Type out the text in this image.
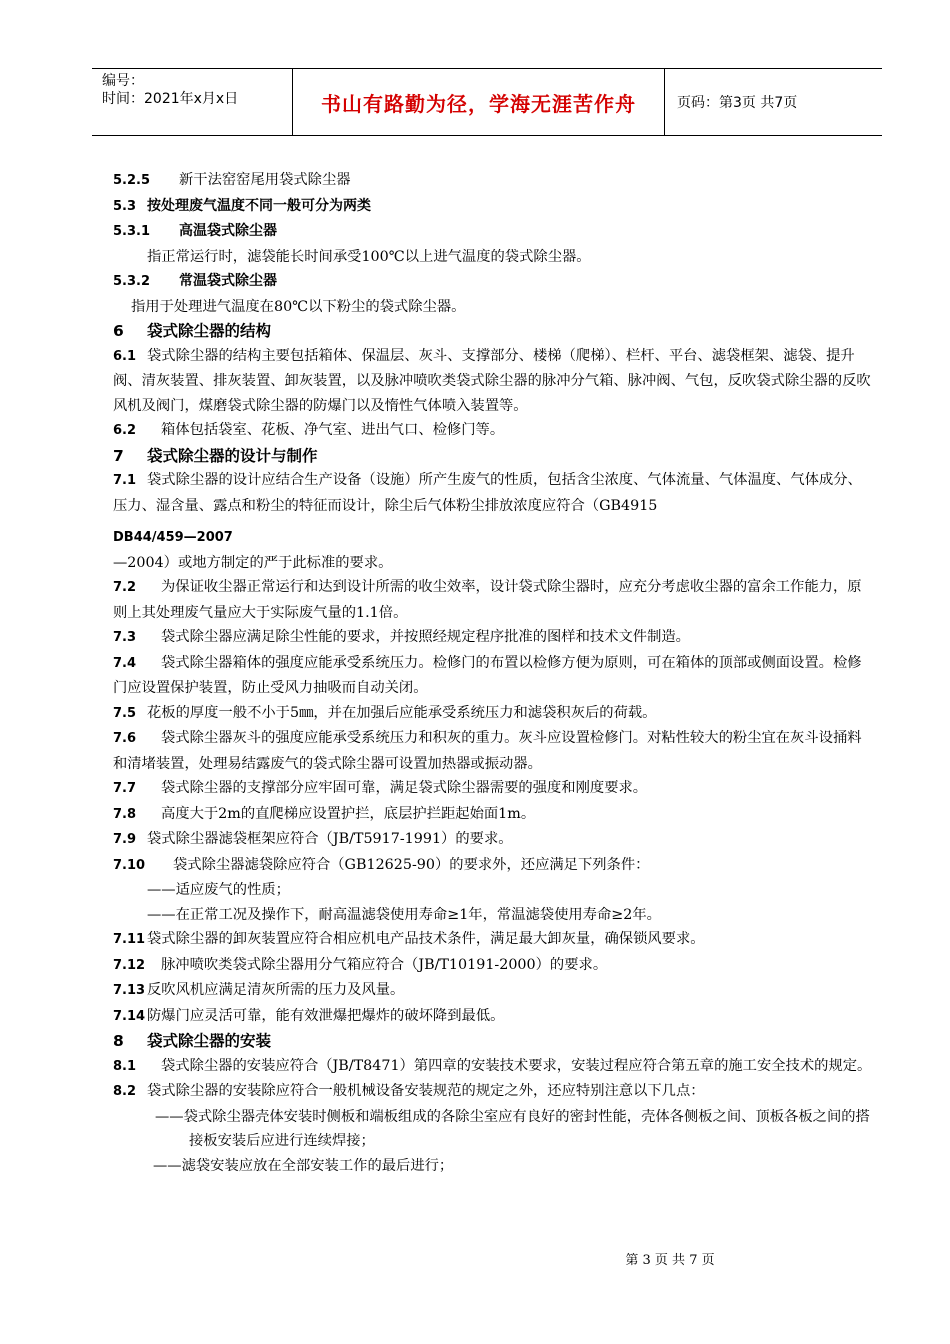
编号：
时间：2021年x月x日	书山有路勤为径，学海无涯苦作舟	页码：第3页 共7页

5.2.5 新干法窑窑尾用袋式除尘器

5.3 按处理废气温度不同一般可分为两类

5.3.1 高温袋式除尘器

指正常运行时，滤袋能长时间承受100℃以上进气温度的袋式除尘器。

5.3.2 常温袋式除尘器

指用于处理进气温度在80℃以下粉尘的袋式除尘器。

6 袋式除尘器的结构

6.1 袋式除尘器的结构主要包括箱体、保温层、灰斗、支撑部分、楼梯（爬梯）、栏杆、平台、滤袋框架、滤袋、提升阀、清灰装置、排灰装置、卸灰装置，以及脉冲喷吹类袋式除尘器的脉冲分气箱、脉冲阀、气包，反吹袋式除尘器的反吹风机及阀门，煤磨袋式除尘器的防爆门以及惰性气体喷入装置等。

6.2 箱体包括袋室、花板、净气室、进出气口、检修门等。

7 袋式除尘器的设计与制作

7.1 袋式除尘器的设计应结合生产设备（设施）所产生废气的性质，包括含尘浓度、气体流量、气体温度、气体成分、压力、湿含量、露点和粉尘的特征而设计，除尘后气体粉尘排放浓度应符合（GB4915

DB44/459—2007

—2004）或地方制定的严于此标准的要求。

7.2 为保证收尘器正常运行和达到设计所需的收尘效率，设计袋式除尘器时，应充分考虑收尘器的富余工作能力，原则上其处理废气量应大于实际废气量的1.1倍。

7.3 袋式除尘器应满足除尘性能的要求，并按照经规定程序批准的图样和技术文件制造。

7.4 袋式除尘器箱体的强度应能承受系统压力。检修门的布置以检修方便为原则，可在箱体的顶部或侧面设置。检修门应设置保护装置，防止受风力抽吸而自动关闭。

7.5 花板的厚度一般不小于5㎜，并在加强后应能承受系统压力和滤袋积灰后的荷载。

7.6 袋式除尘器灰斗的强度应能承受系统压力和积灰的重力。灰斗应设置检修门。对粘性较大的粉尘宜在灰斗设捅料和清堵装置，处理易结露废气的袋式除尘器可设置加热器或振动器。

7.7 袋式除尘器的支撑部分应牢固可靠，满足袋式除尘器需要的强度和刚度要求。

7.8 高度大于2m的直爬梯应设置护拦，底层护拦距起始面1m。

7.9 袋式除尘器滤袋框架应符合（JB/T5917-1991）的要求。

7.10 袋式除尘器滤袋除应符合（GB12625-90）的要求外，还应满足下列条件：

——适应废气的性质；

——在正常工况及操作下，耐高温滤袋使用寿命≥1年，常温滤袋使用寿命≥2年。

7.11 袋式除尘器的卸灰装置应符合相应机电产品技术条件，满足最大卸灰量，确保锁风要求。

7.12 脉冲喷吹类袋式除尘器用分气箱应符合（JB/T10191-2000）的要求。

7.13 反吹风机应满足清灰所需的压力及风量。

7.14 防爆门应灵活可靠，能有效泄爆把爆炸的破坏降到最低。

8 袋式除尘器的安装

8.1 袋式除尘器的安装应符合（JB/T8471）第四章的安装技术要求，安装过程应符合第五章的施工安全技术的规定。

8.2 袋式除尘器的安装除应符合一般机械设备安装规范的规定之外，还应特别注意以下几点：

——袋式除尘器壳体安装时侧板和端板组成的各除尘室应有良好的密封性能，壳体各侧板之间、顶板各板之间的搭接板安装后应进行连续焊接；

——滤袋安装应放在全部安装工作的最后进行；

第 3 页 共 7 页
